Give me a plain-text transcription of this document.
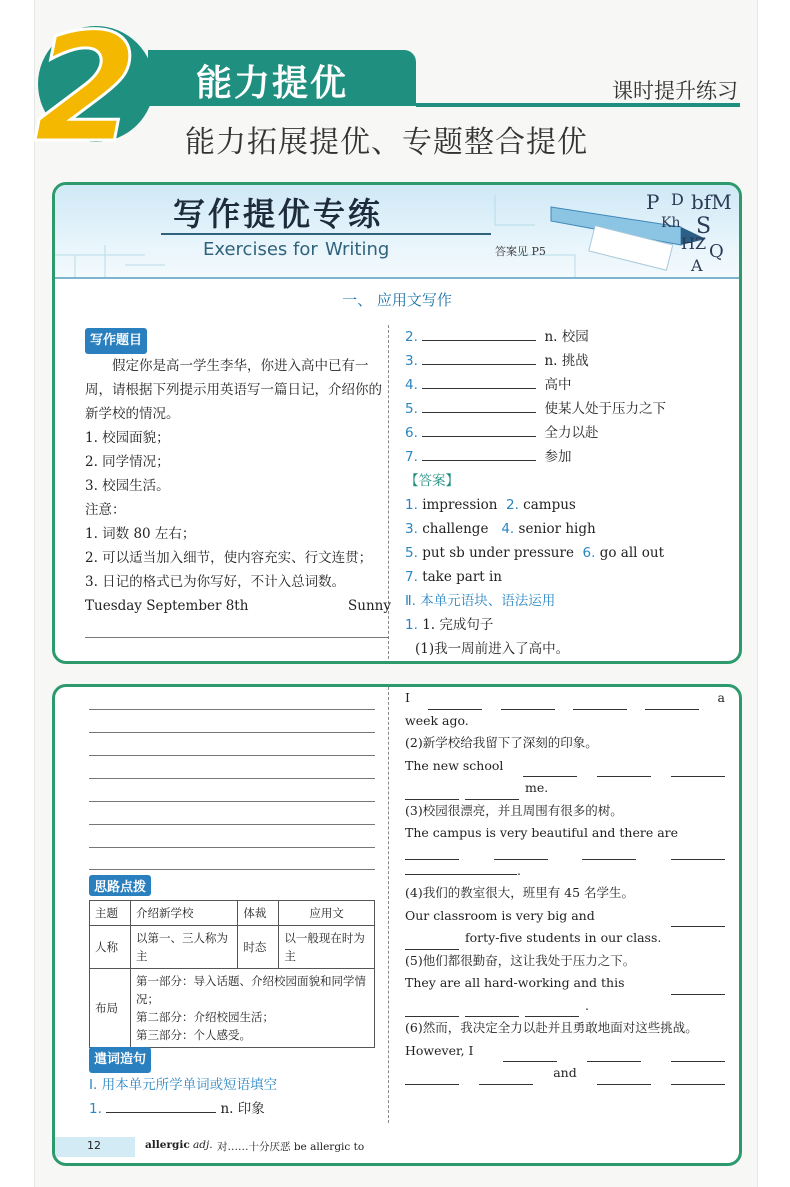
2 能力提优	课时提升练习
能力拓展提优、专题整合提优
P D bfM
Kh S
HZ Q
A
写作提优专练
Exercises for Writing	答案见 P5
一、 应用文写作
写作题目
假定你是高一学生李华，你进入高中已有一周，请根据下列提示用英语写一篇日记，介绍你的新学校的情况。
1. 校园面貌；
2. 同学情况；
3. 校园生活。
注意：
1. 词数 80 左右；
2. 可以适当加入细节，使内容充实、行文连贯；
3. 日记的格式已为你写好，不计入总词数。
Tuesday September 8th	Sunny
2.	n. 校园
3.	n. 挑战
4.	高中
5.	使某人处于压力之下
6.	全力以赴
7.	参加
【答案】
1. impression 2. campus
3. challenge 4. senior high
5. put sb under pressure 6. go all out
7. take part in
Ⅱ. 本单元语块、语法运用
1. 1. 完成句子
(1)我一周前进入了高中。
思路点拨
主题	介绍新学校	体裁	应用文
人称	以第一、三人称为主	时态	以一般现在时为主
布局	第一部分：导入话题、介绍校园面貌和同学情况；
第二部分：介绍校园生活；
第三部分：个人感受。		
遣词造句
Ⅰ. 用本单元所学单词或短语填空
1.	n. 印象
I	a
week ago.
(2)新学校给我留下了深刻的印象。
The new school
me.
(3)校园很漂亮，并且周围有很多的树。
The campus is very beautiful and there are
.
(4)我们的教室很大，班里有 45 名学生。
Our classroom is very big and
forty-five students in our class.
(5)他们都很勤奋，这让我处于压力之下。
They are all hard-working and this
.
(6)然而，我决定全力以赴并且勇敢地面对这些挑战。
However, I
and
12	allergic adj. 对……十分厌恶 be allergic to
